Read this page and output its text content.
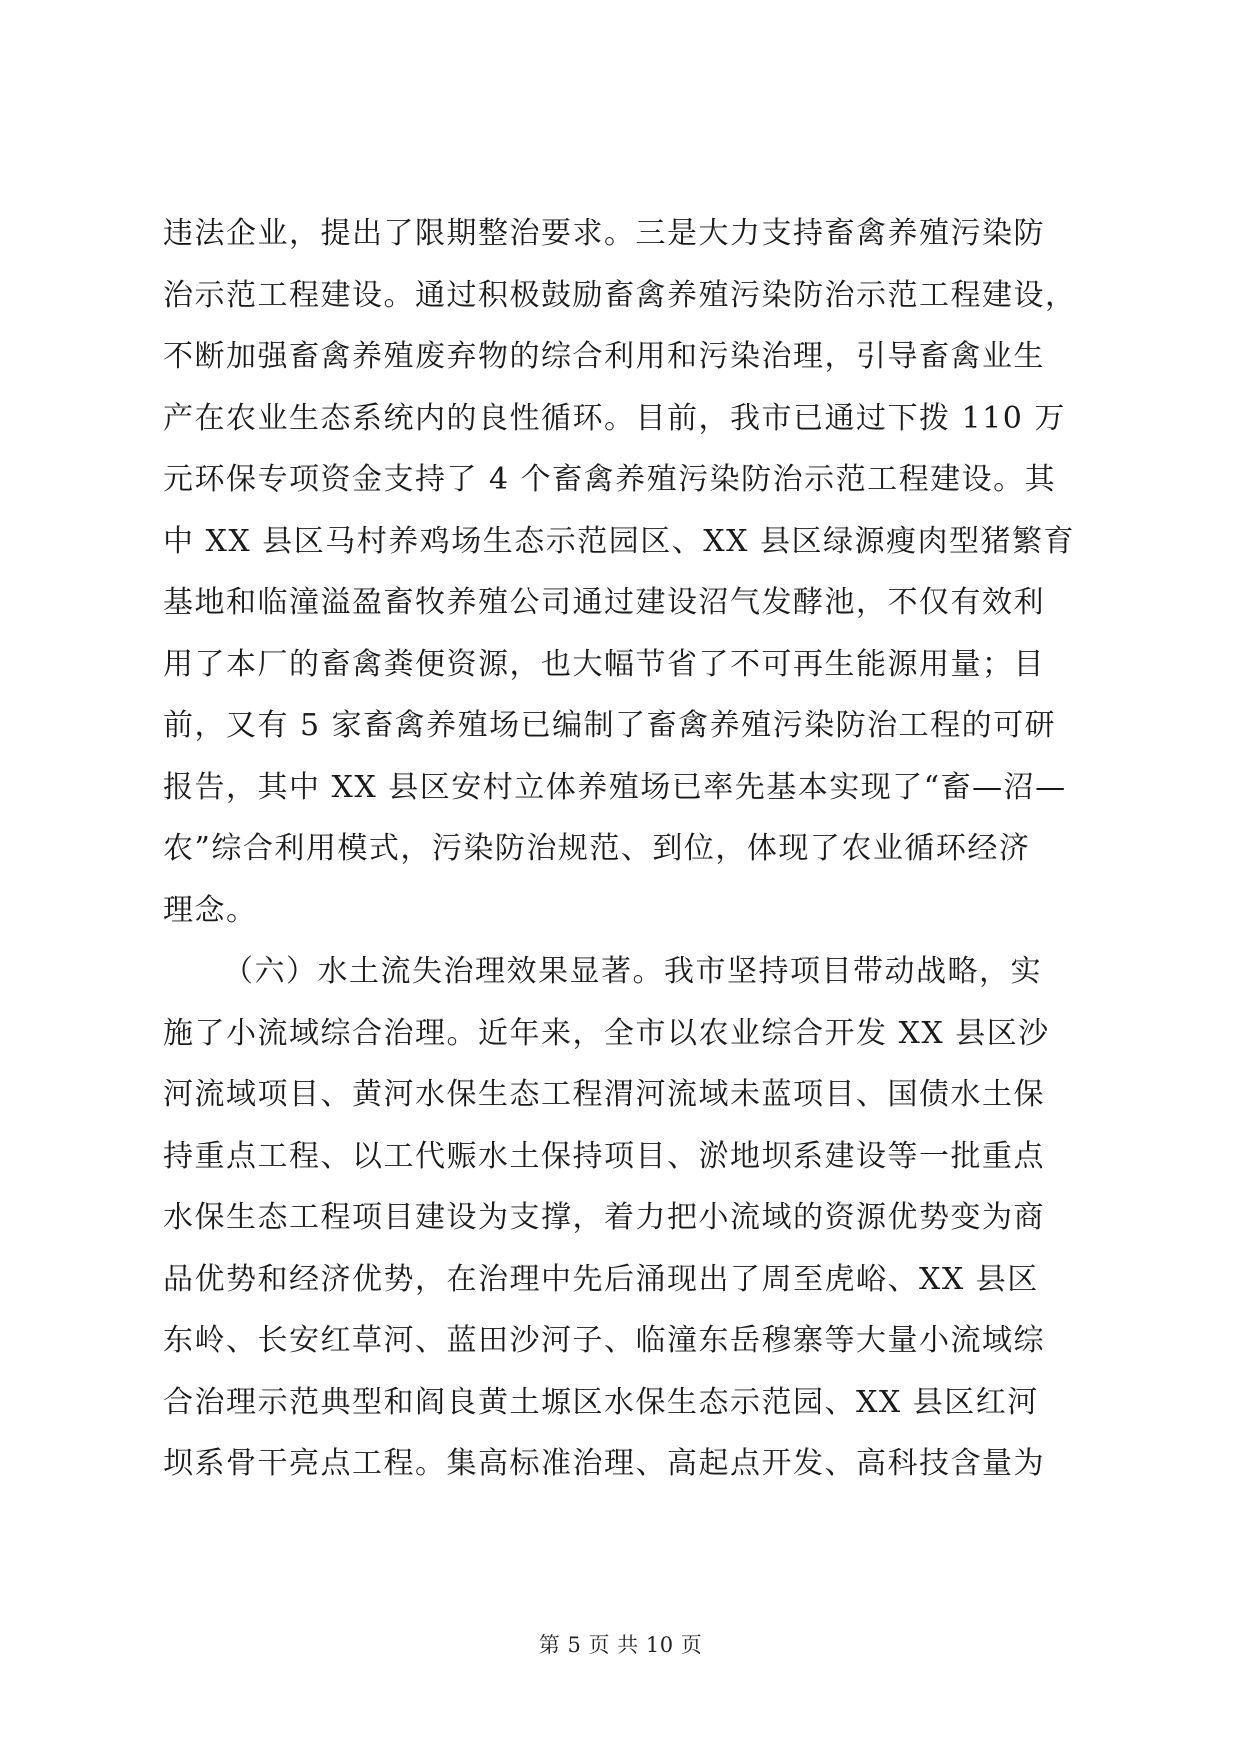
违法企业，提出了限期整治要求。三是大力支持畜禽养殖污染防
治示范工程建设。通过积极鼓励畜禽养殖污染防治示范工程建设，
不断加强畜禽养殖废弃物的综合利用和污染治理，引导畜禽业生
产在农业生态系统内的良性循环。目前，我市已通过下拨 110 万
元环保专项资金支持了 4 个畜禽养殖污染防治示范工程建设。其
中 XX 县区马村养鸡场生态示范园区、XX 县区绿源瘦肉型猪繁育
基地和临潼溢盈畜牧养殖公司通过建设沼气发酵池，不仅有效利
用了本厂的畜禽粪便资源，也大幅节省了不可再生能源用量；目
前，又有 5 家畜禽养殖场已编制了畜禽养殖污染防治工程的可研
报告，其中 XX 县区安村立体养殖场已率先基本实现了“畜—沼—
农”综合利用模式，污染防治规范、到位，体现了农业循环经济
理念。
（六）水土流失治理效果显著。我市坚持项目带动战略，实
施了小流域综合治理。近年来，全市以农业综合开发 XX 县区沙
河流域项目、黄河水保生态工程渭河流域未蓝项目、国债水土保
持重点工程、以工代赈水土保持项目、淤地坝系建设等一批重点
水保生态工程项目建设为支撑，着力把小流域的资源优势变为商
品优势和经济优势，在治理中先后涌现出了周至虎峪、XX 县区
东岭、长安红草河、蓝田沙河子、临潼东岳穆寨等大量小流域综
合治理示范典型和阎良黄土塬区水保生态示范园、XX 县区红河
坝系骨干亮点工程。集高标准治理、高起点开发、高科技含量为
第 5 页 共 10 页
